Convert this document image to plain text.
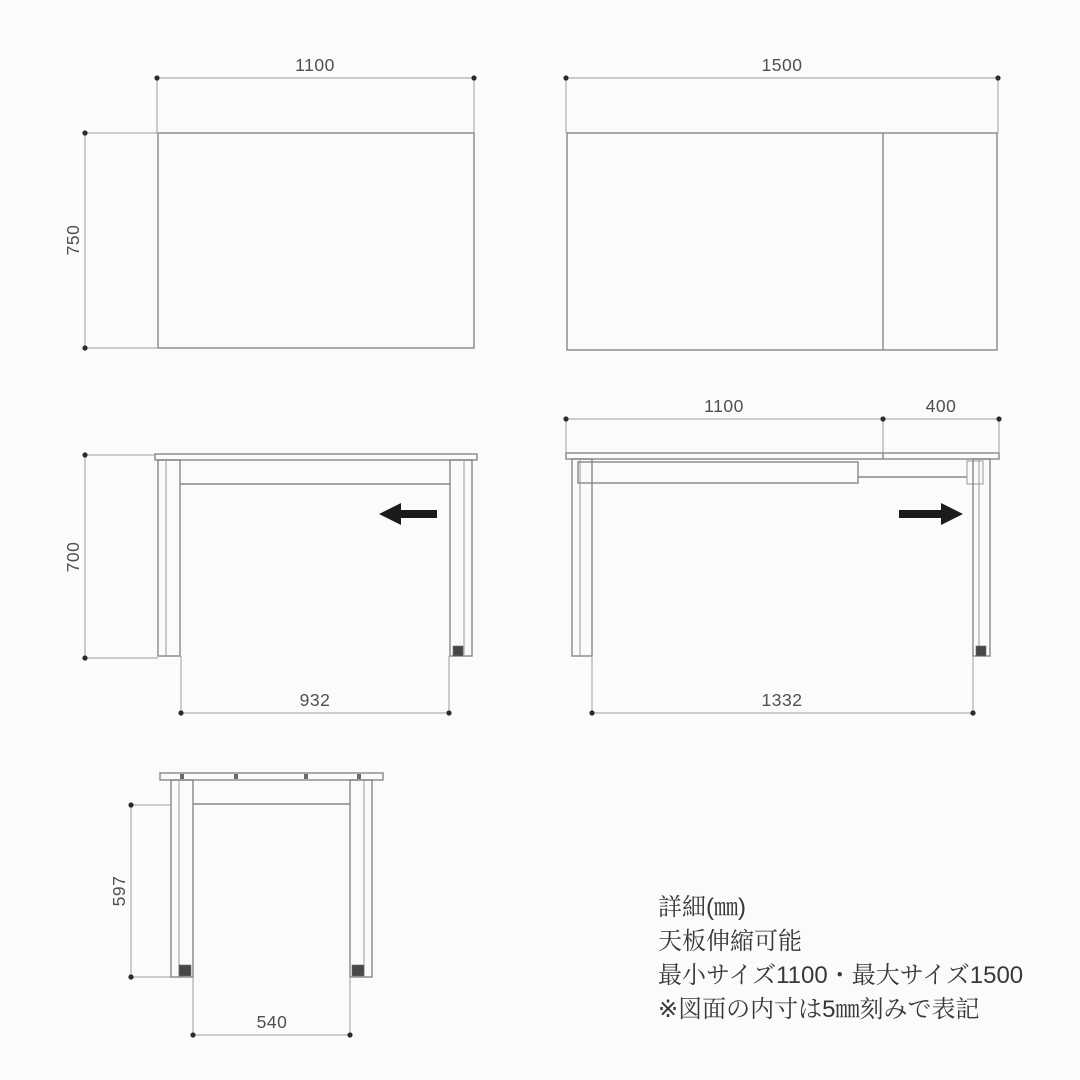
1100
750
1500
700
932
1100	400
1332
597
540
詳細(㎜)
天板伸縮可能
最小サイズ1100・最大サイズ1500
※図面の内寸は5㎜刻みで表記
